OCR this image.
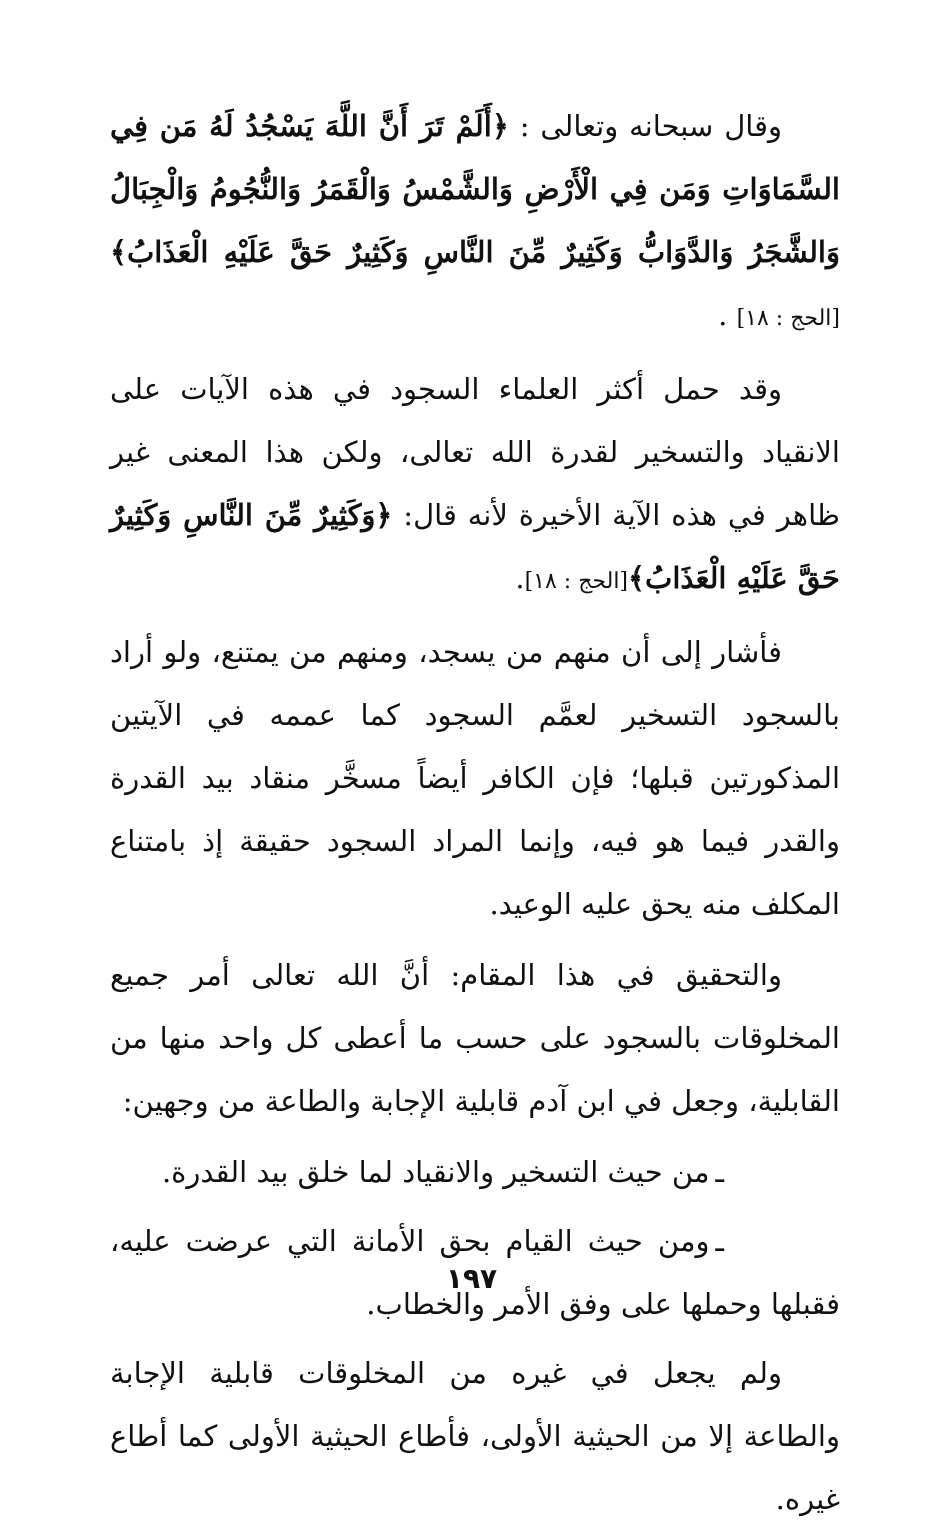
وقال سبحانه وتعالى : ﴿أَلَمْ تَرَ أَنَّ اللَّهَ يَسْجُدُ لَهُ مَن فِي السَّمَاوَاتِ وَمَن فِي الْأَرْضِ وَالشَّمْسُ وَالْقَمَرُ وَالنُّجُومُ وَالْجِبَالُ وَالشَّجَرُ وَالدَّوَابُّ وَكَثِيرٌ مِّنَ النَّاسِ وَكَثِيرٌ حَقَّ عَلَيْهِ الْعَذَابُ﴾[الحج : ١٨] .

وقد حمل أكثر العلماء السجود في هذه الآيات على الانقياد والتسخير لقدرة الله تعالى، ولكن هذا المعنى غير ظاهر في هذه الآية الأخيرة لأنه قال: ﴿وَكَثِيرٌ مِّنَ النَّاسِ وَكَثِيرٌ حَقَّ عَلَيْهِ الْعَذَابُ﴾[الحج : ١٨].

فأشار إلى أن منهم من يسجد، ومنهم من يمتنع، ولو أراد بالسجود التسخير لعمَّم السجود كما عممه في الآيتين المذكورتين قبلها؛ فإن الكافر أيضاً مسخَّر منقاد بيد القدرة والقدر فيما هو فيه، وإنما المراد السجود حقيقة إذ بامتناع المكلف منه يحق عليه الوعيد.

والتحقيق في هذا المقام: أنَّ الله تعالى أمر جميع المخلوقات بالسجود على حسب ما أعطى كل واحد منها من القابلية، وجعل في ابن آدم قابلية الإجابة والطاعة من وجهين:

ـمن حيث التسخير والانقياد لما خلق بيد القدرة.

ـومن حيث القيام بحق الأمانة التي عرضت عليه، فقبلها وحملها على وفق الأمر والخطاب.

ولم يجعل في غيره من المخلوقات قابلية الإجابة والطاعة إلا من الحيثية الأولى، فأطاع الحيثية الأولى كما أطاع غيره.

١٩٧
